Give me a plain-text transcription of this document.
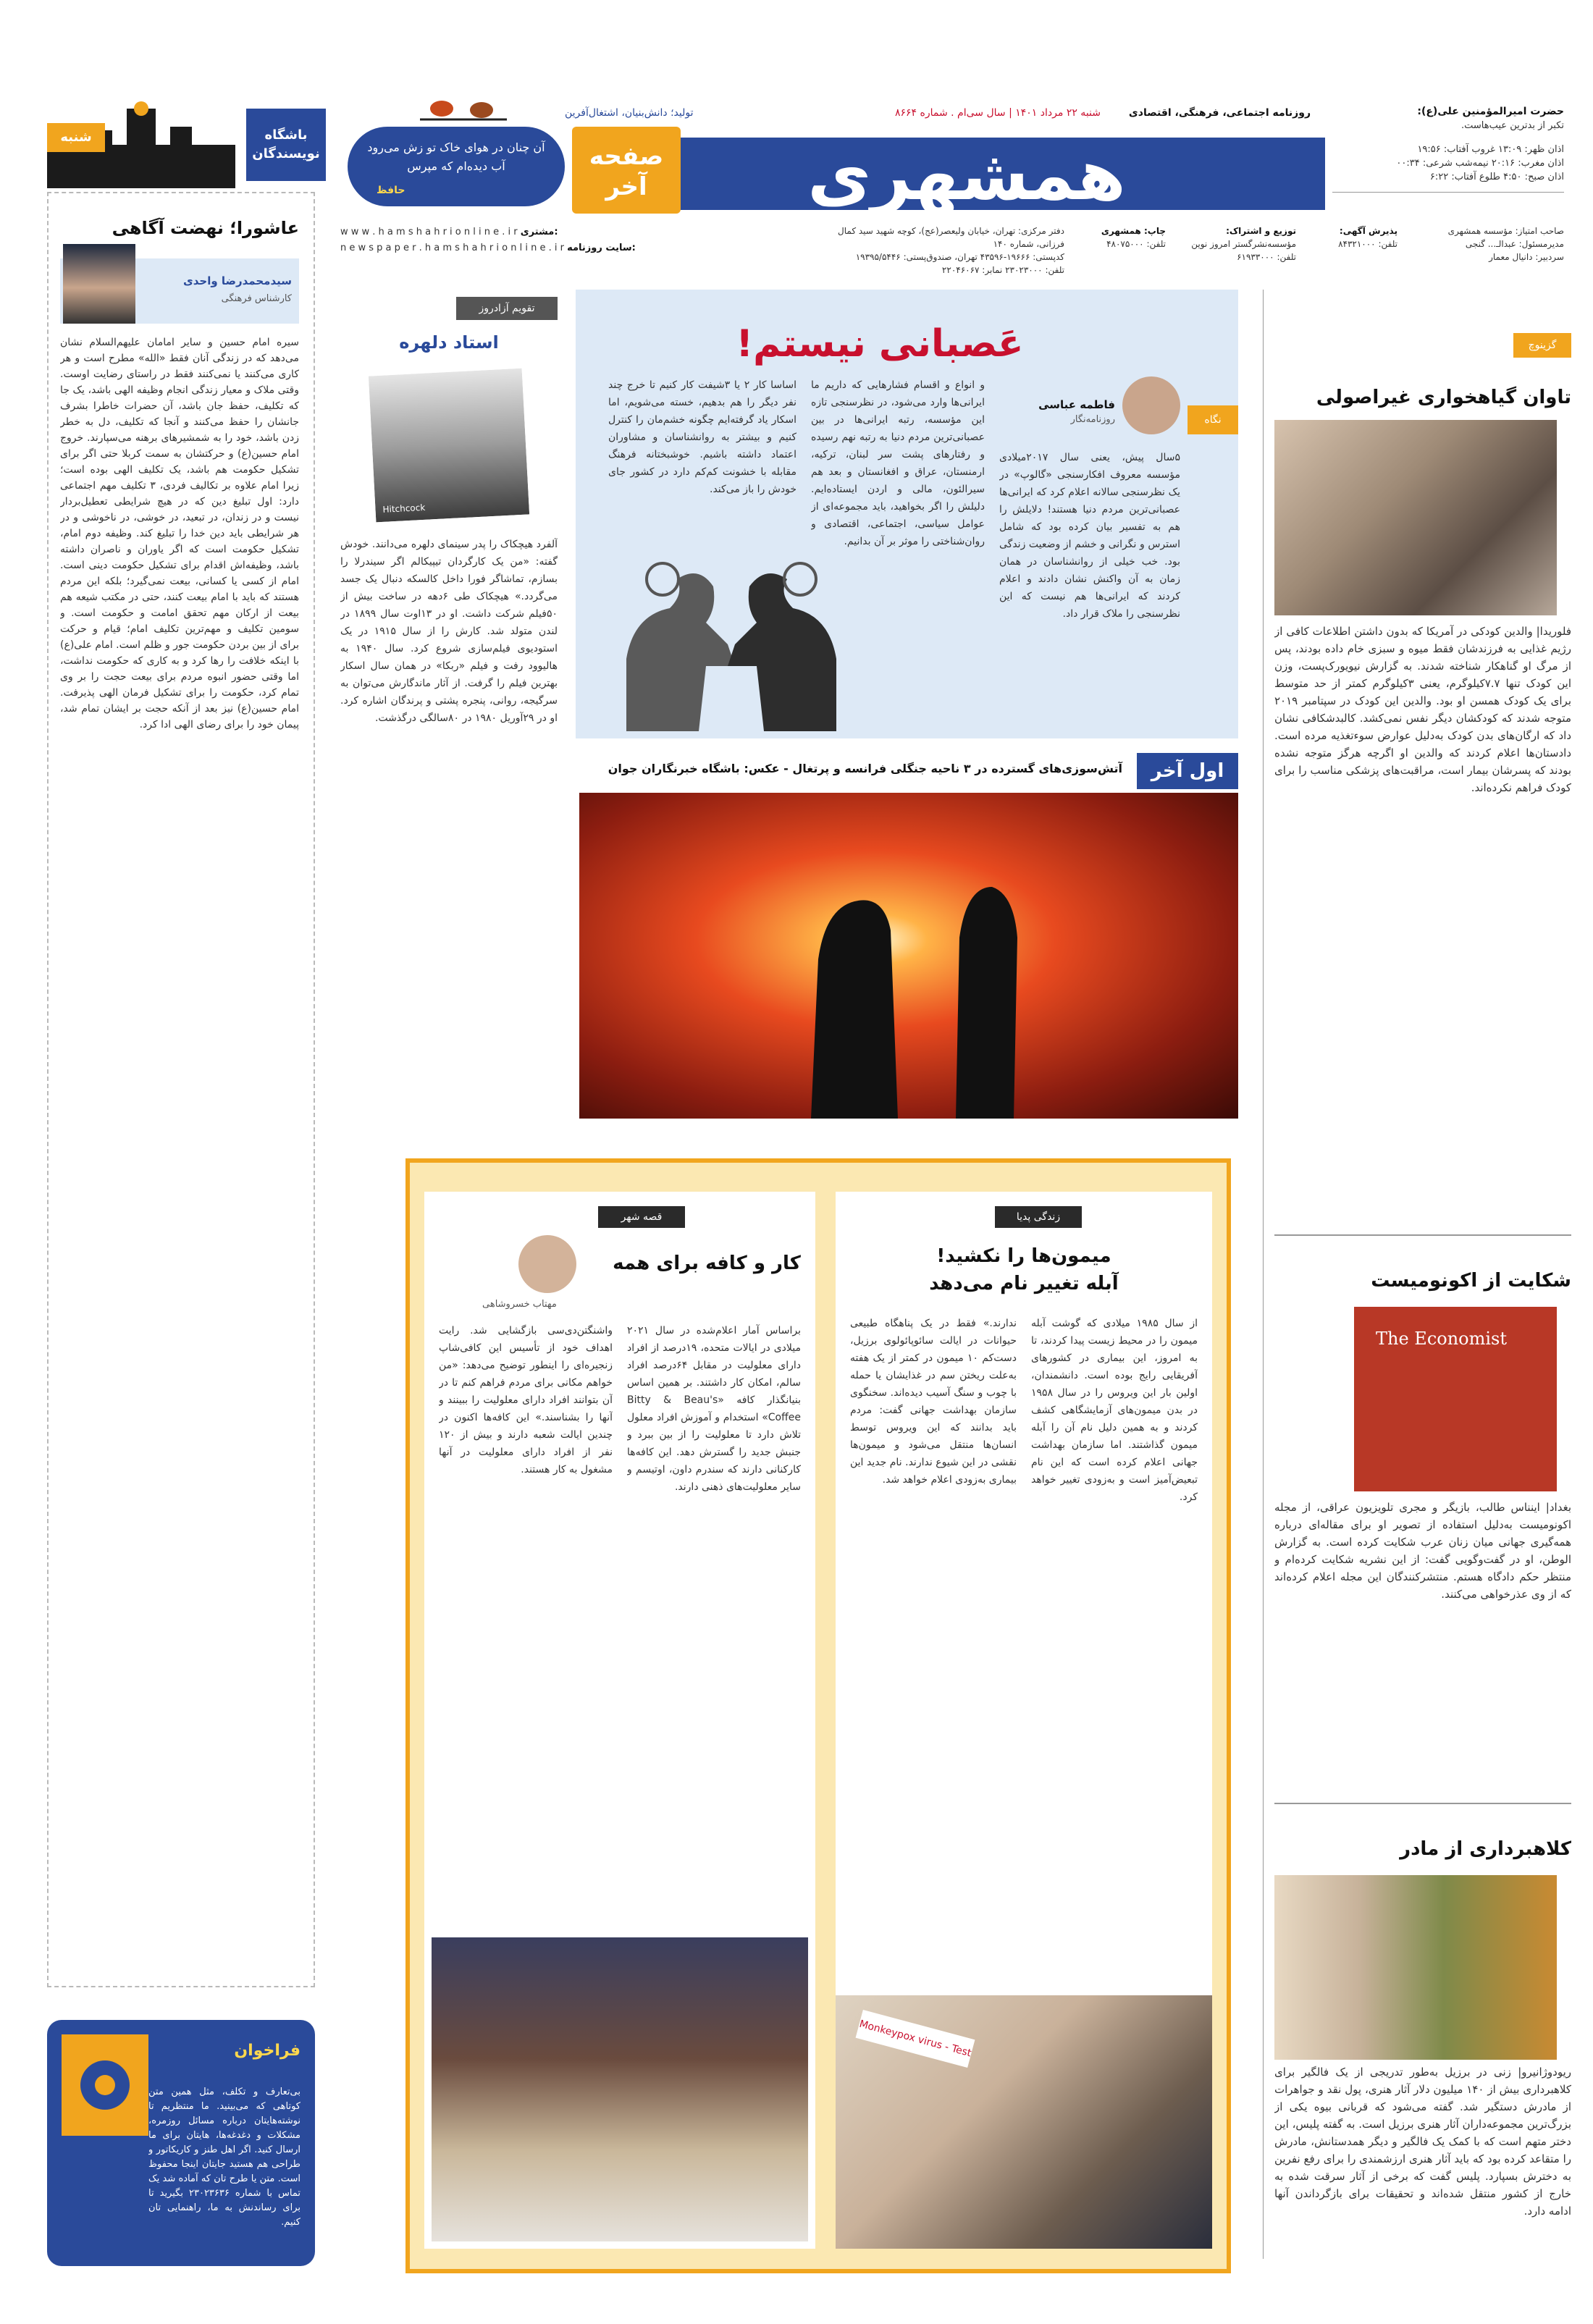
حضرت امیرالمؤمنین علی(ع):
تکبر از بدترین عیب‌هاست.
اذان ظهر: ۱۳:۰۹ غروب آفتاب: ۱۹:۵۶
اذان مغرب: ۲۰:۱۶ نیمه‌شب شرعی: ۰۰:۳۴
اذان صبح: ۴:۵۰ طلوع آفتاب: ۶:۲۲
روزنامه اجتماعی، فرهنگی، اقتصادی
شنبه ۲۲ مرداد ۱۴۰۱ | سال سی‌ام . شماره ۸۶۶۴
تولید؛ دانش‌بنیان، اشتغال‌آفرین
همشهری
صفحه آخر
آن چنان در هوای خاک تو زش می‌رود آب دیده‌ام که مپرس
حافظ
باشگاه نویسندگان
شنبه
صاحب امتیاز: مؤسسه همشهری
مدیرمسئول: عبدالـ... گنجی
سردبیر: دانیال معمار
پذیرش آگهی:
تلفن: ۸۴۳۲۱۰۰۰
توزیع و اشتراک:
مؤسسه‌نشرگستر امروز نوین
تلفن: ۶۱۹۳۳۰۰۰
چاپ: همشهری
تلفن: ۴۸۰۷۵۰۰۰
دفتر مرکزی: تهران، خیابان ولیعصر(عج)، کوچه شهید سید کمال فرزانی، شماره ۱۴۰
کدپستی: ۱۹۶۶۶-۴۳۵۹۶ تهران، صندوق‌پستی: ۱۹۳۹۵/۵۴۴۶
تلفن: ۲۳۰۲۳۰۰۰ نمابر: ۲۲۰۴۶۰۶۷
w w w . h a m s h a h r i o n l i n e . i r مشتری:
n e w s p a p e r . h a m s h a h r i o n l i n e . i r سایت روزنامه:
گزینوچ
تاوان گیاهخواری غیراصولی
فلوریدا| والدین کودکی در آمریکا که بدون داشتن اطلاعات کافی از رژیم غذایی به فرزندشان فقط میوه و سبزی خام داده بودند، پس از مرگ او گناهکار شناخته شدند. به گزارش نیویورک‌پست، وزن این کودک تنها ۷.۷کیلوگرم، یعنی ۳کیلوگرم کمتر از حد متوسط برای یک کودک همسن او بود. والدین این کودک در سپتامبر ۲۰۱۹ متوجه شدند که کودکشان دیگر نفس نمی‌کشد. کالبدشکافی نشان داد که ارگان‌های بدن کودک به‌دلیل عوارض سوءتغذیه مرده است. دادستان‌ها اعلام کردند که والدین او اگرچه هرگز متوجه نشده بودند که پسرشان بیمار است، مراقبت‌های پزشکی مناسب را برای کودک فراهم نکرده‌اند.
شکایت از اکونومیست
The Economist
بغداد| اینناس طالب، بازیگر و مجری تلویزیون عراقی، از مجله اکونومیست به‌دلیل استفاده از تصویر او برای مقاله‌ای درباره همه‌گیری جهانی میان زنان عرب شکایت کرده است. به گزارش الوطن، او در گفت‌وگویی گفت: از این نشریه شکایت کرده‌ام و منتظر حکم دادگاه هستم. منتشرکنندگان این مجله اعلام کرده‌اند که از وی عذرخواهی می‌کنند.
کلاهبرداری از مادر
ریودوژانیرو| زنی در برزیل به‌طور تدریجی از یک فالگیر برای کلاهبرداری بیش از ۱۴۰ میلیون دلار آثار هنری، پول نقد و جواهرات از مادرش دستگیر شد. گفته می‌شود که قربانی بیوه یکی از بزرگ‌ترین مجموعه‌داران آثار هنری برزیل است. به گفته پلیس، این دختر متهم است که با کمک یک فالگیر و دیگر همدستانش، مادرش را متقاعد کرده بود که باید آثار هنری ارزشمندی را برای رفع نفرین به دخترش بسپارد. پلیس گفت که برخی از آثار سرقت شده به خارج از کشور منتقل شده‌اند و تحقیقات برای بازگرداندن آنها ادامه دارد.
نگاه
عَصبانی نیستم!
فاطمه عباسی
روزنامه‌نگار
۵سال پیش، یعنی سال ۲۰۱۷میلادی مؤسسه معروف افکارسنجی «گالوپ» در یک نظرسنجی سالانه اعلام کرد که ایرانی‌ها عصبانی‌ترین مردم دنیا هستند! دلایلش را هم به تفسیر بیان کرده بود که شامل استرس و نگرانی و خشم از وضعیت زندگی بود. خب خیلی از روانشناسان در همان زمان به آن واکنش نشان دادند و اعلام کردند که ایرانی‌ها هم نیست که این نظرسنجی را ملاک قرار داد.
و انواع و اقسام فشارهایی که داریم ما ایرانی‌ها وارد می‌شود، در نظرسنجی تازه این مؤسسه، رتبه ایرانی‌ها در بین عصبانی‌ترین مردم دنیا به رتبه نهم رسیده و رفتارهای پشت سر لبنان، ترکیه، ارمنستان، عراق و افغانستان و بعد هم سیرالئون، مالی و اردن ایستاده‌ایم. دلیلش را اگر بخواهید، باید مجموعه‌ای از عوامل سیاسی، اجتماعی، اقتصادی و روان‌شناختی را موثر بر آن بدانیم.
اساسا کار ۲ یا ۳شیفت کار کنیم تا خرج چند نفر دیگر را هم بدهیم، خسته می‌شویم، اما اسکار یاد گرفته‌ایم چگونه خشم‌مان را کنترل کنیم و بیشتر به روانشناسان و مشاوران اعتماد داشته باشیم. خوشبختانه فرهنگ مقابله با خشونت کم‌کم دارد در کشور جای خودش را باز می‌کند.
تقویم آزادروز
استاد دلهره
Hitchcock
آلفرد هیچکاک را پدر سینمای دلهره می‌دانند. خودش گفته: «من یک کارگردان تیپیکالم اگر سیندرلا را بسازم، تماشاگر فورا داخل کالسکه دنبال یک جسد می‌گردد.» هیچکاک طی ۶دهه در ساخت بیش از ۵۰فیلم شرکت داشت. او در ۱۳اوت سال ۱۸۹۹ در لندن متولد شد. کارش را از سال ۱۹۱۵ در یک استودیوی فیلم‌سازی شروع کرد. سال ۱۹۴۰ به هالیوود رفت و فیلم «ربکا» در همان سال اسکار بهترین فیلم را گرفت. از آثار ماندگارش می‌توان به سرگیجه، روانی، پنجره پشتی و پرندگان اشاره کرد. او در ۲۹آوریل ۱۹۸۰ در ۸۰سالگی درگذشت.
اول آخر
آتش‌سوزی‌های گسترده در ۳ ناحیه جنگلی فرانسه و پرتغال - عکس: باشگاه خبرنگاران جوان
زندگی پدیا
میمون‌ها را نکشید!
آبله تغییر نام می‌دهد
از سال ۱۹۸۵ میلادی که گوشت آبله میمون را در محیط زیست پیدا کردند، تا به امروز، این بیماری در کشورهای آفریقایی رایج بوده است. دانشمندان، اولین بار این ویروس را در سال ۱۹۵۸ در بدن میمون‌های آزمایشگاهی کشف کردند و به همین دلیل نام آن را آبله میمون گذاشتند. اما سازمان بهداشت جهانی اعلام کرده است که این نام تبعیض‌آمیز است و به‌زودی تغییر خواهد کرد.
ندارند.» فقط در یک پناهگاه طبیعی حیوانات در ایالت سائوپائولوی برزیل، دست‌کم ۱۰ میمون در کمتر از یک هفته به‌علت ریختن سم در غذایشان یا حمله با چوب و سنگ آسیب دیده‌اند. سخنگوی سازمان بهداشت جهانی گفت: مردم باید بدانند که این ویروس توسط انسان‌ها منتقل می‌شود و میمون‌ها نقشی در این شیوع ندارند. نام جدید این بیماری به‌زودی اعلام خواهد شد.
Monkeypox virus - Test
قصه شهر
کار و کافه برای همه
مهتاب خسروشاهی
براساس آمار اعلام‌شده در سال ۲۰۲۱ میلادی در ایالات متحده، ۱۹درصد از افراد دارای معلولیت در مقابل ۶۴درصد افراد سالم، امکان کار داشتند. بر همین اساس بنیانگذار کافه «Bitty & Beau's Coffee» استخدام و آموزش افراد معلول تلاش دارد تا معلولیت را از بین ببرد و جنبش جدید را گسترش دهد. این کافه‌ها کارکنانی دارند که سندرم داون، اوتیسم و سایر معلولیت‌های ذهنی دارند.
واشنگتن‌دی‌سی بازگشایی شد. رایت اهداف خود از تأسیس این کافی‌شاپ زنجیره‌ای را اینطور توضیح می‌دهد: «من خواهم مکانی برای مردم فراهم کنم تا در آن بتوانند افراد دارای معلولیت را ببینند و آنها را بشناسند.» این کافه‌ها اکنون در چندین ایالت شعبه دارند و بیش از ۱۲۰ نفر از افراد دارای معلولیت در آنها مشغول به کار هستند.
عاشورا؛ نهضت آگاهی
سیدمحمدرضا واحدی
کارشناس فرهنگی
سیره امام حسین و سایر امامان علیهم‌السلام نشان می‌دهد که در زندگی آنان فقط «الله» مطرح است و هر کاری می‌کنند یا نمی‌کنند فقط در راستای رضایت اوست. وقتی ملاک و معیار زندگی انجام وظیفه الهی باشد، یک جا که تکلیف، حفظ جان باشد، آن حضرات خاطرا بشرف جانشان را حفظ می‌کنند و آنجا که تکلیف، دل به خطر زدن باشد، خود را به شمشیرهای برهنه می‌سپارند. خروج امام حسین(ع) و حرکتشان به سمت کربلا حتی اگر برای تشکیل حکومت هم باشد، یک تکلیف الهی بوده است؛ زیرا امام علاوه بر تکالیف فردی، ۳ تکلیف مهم اجتماعی دارد: اول تبلیغ دین که در هیچ شرایطی تعطیل‌بردار نیست و در زندان، در تبعید، در خوشی، در ناخوشی و در هر شرایطی باید دین خدا را تبلیغ کند. وظیفه دوم امام، تشکیل حکومت است که اگر یاوران و ناصران داشته باشد، وظیفه‌اش اقدام برای تشکیل حکومت دینی است. امام از کسی یا کسانی، بیعت نمی‌گیرد؛ بلکه این مردم هستند که باید با امام بیعت کنند، حتی در مکتب شیعه هم بیعت از ارکان مهم تحقق امامت و حکومت است. و سومین تکلیف و مهم‌ترین تکلیف امام؛ قیام و حرکت برای از بین بردن حکومت جور و ظلم است. امام علی(ع) با اینکه خلافت را رها کرد و به کاری که حکومت نداشت، اما وقتی حضور انبوه مردم برای بیعت حجت را بر وی تمام کرد، حکومت را برای تشکیل فرمان الهی پذیرفت. امام حسین(ع) نیز بعد از آنکه حجت بر ایشان تمام شد، پیمان خود را برای رضای الهی ادا کرد.
فراخوان
بی‌تعارف و تکلف، مثل همین متن کوتاهی که می‌بینید. ما منتظریم تا نوشته‌هایتان درباره مسائل روزمره، مشکلات و دغدغه‌ها، هایتان برای ما ارسال کنید. اگر اهل طنز و کاریکاتور و طراحی هم هستید جایتان اینجا محفوظ است. متن یا طرح تان که آماده شد یک تماس با شماره ۲۳۰۲۳۶۳۶ بگیرید تا برای رساندنش به ما، راهنمایی تان کنیم.
